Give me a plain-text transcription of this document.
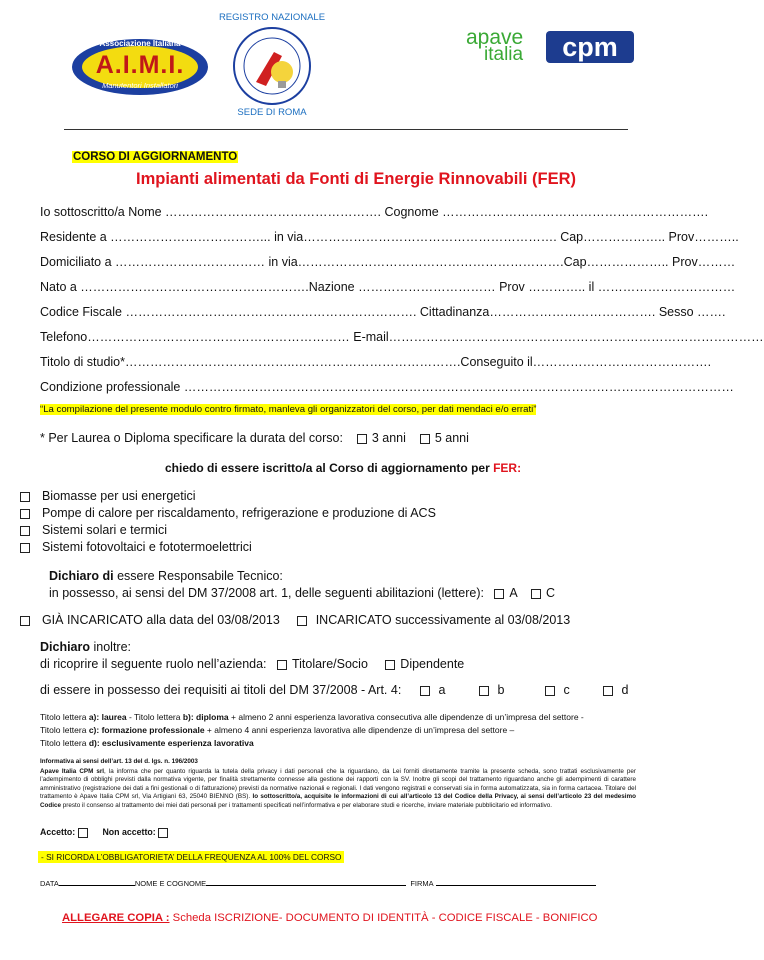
Associazione Italiana
A.I.M.I.
Manutentori Installatori
REGISTRO NAZIONALE
SEDE DI ROMA
apave
italia	cpm
CORSO DI AGGIORNAMENTO
Impianti alimentati da Fonti di Energie Rinnovabili (FER)
Io sottoscritto/a Nome ……………………………………………. Cognome ……………………………………………………….
Residente a ………………………………... in via……………………………………………………. Cap……………….. Prov………..
Domiciliato a ……………………………… in via……………………………………………………….Cap……………….. Prov………
Nato a ……………………………………………….Nazione …………………………… Prov ………….. il ……………………………
Codice Fiscale ……………………………………………………………. Cittadinanza…………………………………. Sesso …….
Telefono……………………………………………………… E-mail………………………………………………………………………………
Titolo di studio*…………………………………..………………………………….Conseguito il…………………………………….
Condizione professionale ……………………………………………………………………………………………………………………
“La compilazione del presente modulo contro firmato, manleva gli organizzatori del corso, per dati mendaci e/o errati”
* Per Laurea o Diploma specificare la durata del corso: 3 anni 5 anni
chiedo di essere iscritto/a al Corso di aggiornamento per FER:
Biomasse per usi energetici
Pompe di calore per riscaldamento, refrigerazione e produzione di ACS
Sistemi solari e termici
Sistemi fotovoltaici e fototermoelettrici
Dichiaro di essere Responsabile Tecnico:
in possesso, ai sensi del DM 37/2008 art. 1, delle seguenti abilitazioni (lettere): A C
GIÀ INCARICATO alla data del 03/08/2013	INCARICATO successivamente al 03/08/2013
Dichiaro inoltre:
di ricoprire il seguente ruolo nell’azienda: Titolare/Socio	Dipendente
di essere in possesso dei requisiti ai titoli del DM 37/2008 - Art. 4:	a	b	c	d
Titolo lettera a): laurea - Titolo lettera b): diploma + almeno 2 anni esperienza lavorativa consecutiva alle dipendenze di un’impresa del settore -
Titolo lettera c): formazione professionale + almeno 4 anni esperienza lavorativa alle dipendenze di un’impresa del settore –
Titolo lettera d): esclusivamente esperienza lavorativa
Informativa ai sensi dell’art. 13 del d. lgs. n. 196/2003
Apave Italia CPM srl, la informa che per quanto riguarda la tutela della privacy i dati personali che la riguardano, da Lei forniti direttamente tramite la presente scheda, sono trattati esclusivamente per l’adempimento di obblighi previsti dalla normativa vigente, per finalità strettamente connesse alla gestione dei rapporti con la SV. Inoltre gli scopi del trattamento riguardano anche gli adempimenti di carattere amministrativo (registrazione dei dati a fini gestionali o di fatturazione) previsti da normative nazionali e regionali. I dati vengono registrati e conservati sia in forma automatizzata, sia in forma cartacea. Titolare del trattamento è Apave Italia CPM srl, Via Artigianì 63, 25040 BIENNO (BS). Io sottoscritto/a, acquisite le informazioni di cui all’articolo 13 del Codice della Privacy, ai sensi dell’articolo 23 del medesimo Codice presto il consenso al trattamento dei miei dati personali per i trattamenti specificati nell’informativa e per elaborare studi e ricerche, inviare materiale pubblicitario ed informativo.
Accetto:	Non accetto:
- SI RICORDA L’OBBLIGATORIETA’ DELLA FREQUENZA AL 100% DEL CORSO
DATA	NOME E COGNOME	FIRMA
ALLEGARE COPIA : Scheda ISCRIZIONE- DOCUMENTO DI IDENTITÀ - CODICE FISCALE - BONIFICO
